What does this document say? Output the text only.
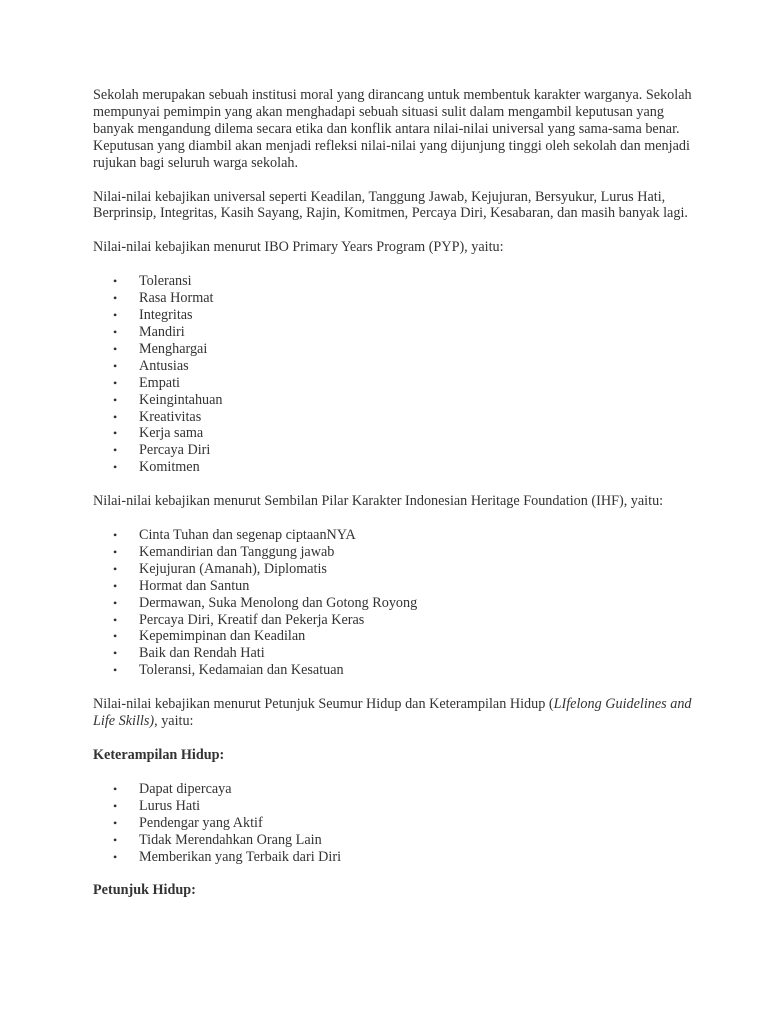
Sekolah merupakan sebuah institusi moral yang dirancang untuk membentuk karakter warganya. Sekolah mempunyai pemimpin yang akan menghadapi sebuah situasi sulit dalam mengambil keputusan yang banyak mengandung dilema secara etika dan konflik antara nilai-nilai universal yang sama-sama benar. Keputusan yang diambil akan menjadi refleksi nilai-nilai yang dijunjung tinggi oleh sekolah dan menjadi rujukan bagi seluruh warga sekolah.

Nilai-nilai kebajikan universal seperti Keadilan, Tanggung Jawab, Kejujuran, Bersyukur, Lurus Hati, Berprinsip, Integritas, Kasih Sayang, Rajin, Komitmen, Percaya Diri, Kesabaran, dan masih banyak lagi.

Nilai-nilai kebajikan menurut IBO Primary Years Program (PYP), yaitu:

• Toleransi
• Rasa Hormat
• Integritas
• Mandiri
• Menghargai
• Antusias
• Empati
• Keingintahuan
• Kreativitas
• Kerja sama
• Percaya Diri
• Komitmen

Nilai-nilai kebajikan menurut Sembilan Pilar Karakter Indonesian Heritage Foundation (IHF), yaitu:

• Cinta Tuhan dan segenap ciptaanNYA
• Kemandirian dan Tanggung jawab
• Kejujuran (Amanah), Diplomatis
• Hormat dan Santun
• Dermawan, Suka Menolong dan Gotong Royong
• Percaya Diri, Kreatif dan Pekerja Keras
• Kepemimpinan dan Keadilan
• Baik dan Rendah Hati
• Toleransi, Kedamaian dan Kesatuan

Nilai-nilai kebajikan menurut Petunjuk Seumur Hidup dan Keterampilan Hidup (LIfelong Guidelines and Life Skills), yaitu:

Keterampilan Hidup:

• Dapat dipercaya
• Lurus Hati
• Pendengar yang Aktif
• Tidak Merendahkan Orang Lain
• Memberikan yang Terbaik dari Diri

Petunjuk Hidup:
